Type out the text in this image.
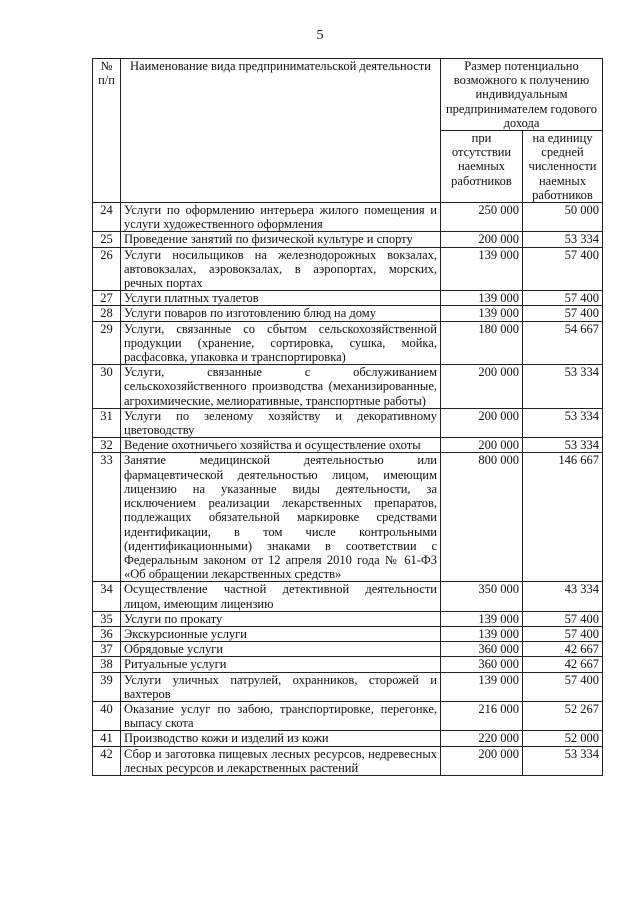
5
№ п/п	Наименование вида предпринимательской деятельности	Размер потенциально возможного к получению индивидуальным предпринимателем годового дохода	
		при отсутствии наемных работников	на единицу средней численности наемных работников
24	Услуги по оформлению интерьера жилого помещения и услуги художественного оформления	250 000	50 000
25	Проведение занятий по физической культуре и спорту	200 000	53 334
26	Услуги носильщиков на железнодорожных вокзалах, автовокзалах, аэровокзалах, в аэропортах, морских, речных портах	139 000	57 400
27	Услуги платных туалетов	139 000	57 400
28	Услуги поваров по изготовлению блюд на дому	139 000	57 400
29	Услуги, связанные со сбытом сельскохозяйственной продукции (хранение, сортировка, сушка, мойка, расфасовка, упаковка и транспортировка)	180 000	54 667
30	Услуги, связанные с обслуживанием сельскохозяйственного производства (механизированные, агрохимические, мелиоративные, транспортные работы)	200 000	53 334
31	Услуги по зеленому хозяйству и декоративному цветоводству	200 000	53 334
32	Ведение охотничьего хозяйства и осуществление охоты	200 000	53 334
33	Занятие медицинской деятельностью или фармацевтической деятельностью лицом, имеющим лицензию на указанные виды деятельности, за исключением реализации лекарственных препаратов, подлежащих обязательной маркировке средствами идентификации, в том числе контрольными (идентификационными) знаками в соответствии с Федеральным законом от 12 апреля 2010 года № 61-ФЗ «Об обращении лекарственных средств»	800 000	146 667
34	Осуществление частной детективной деятельности лицом, имеющим лицензию	350 000	43 334
35	Услуги по прокату	139 000	57 400
36	Экскурсионные услуги	139 000	57 400
37	Обрядовые услуги	360 000	42 667
38	Ритуальные услуги	360 000	42 667
39	Услуги уличных патрулей, охранников, сторожей и вахтеров	139 000	57 400
40	Оказание услуг по забою, транспортировке, перегонке, выпасу скота	216 000	52 267
41	Производство кожи и изделий из кожи	220 000	52 000
42	Сбор и заготовка пищевых лесных ресурсов, недревесных лесных ресурсов и лекарственных растений	200 000	53 334
